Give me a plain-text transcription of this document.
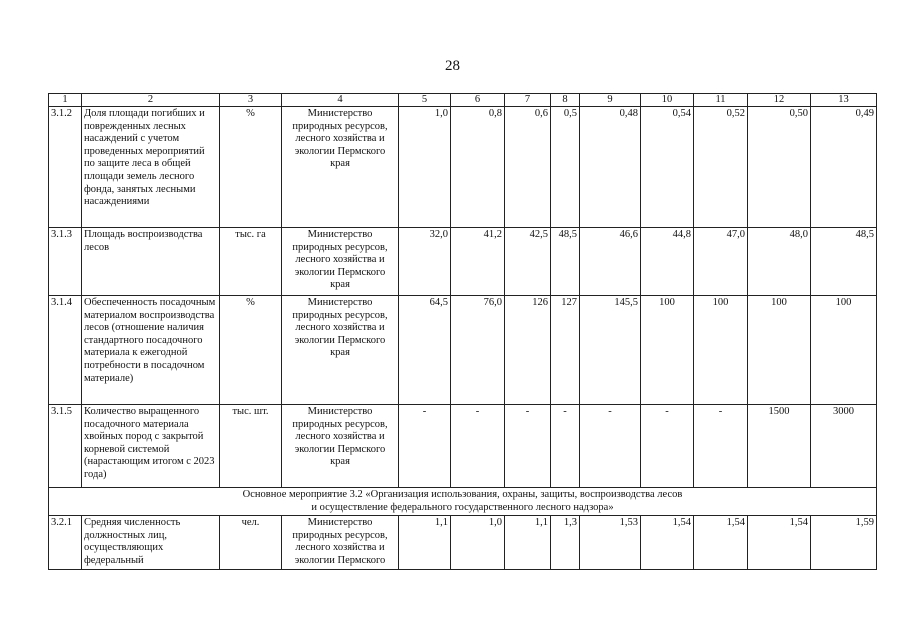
28
1	2	3	4	5	6	7	8	9	10	11	12	13
3.1.2	Доля площади погибших и поврежденных лесных насаждений с учетом проведенных мероприятий по защите леса в общей площади земель лесного фонда, занятых лесными насаждениями	%	Министерство природных ресурсов, лесного хозяйства и экологии Пермского края	1,0	0,8	0,6	0,5	0,48	0,54	0,52	0,50	0,49
3.1.3	Площадь воспроизводства лесов	тыс. га	Министерство природных ресурсов, лесного хозяйства и экологии Пермского края	32,0	41,2	42,5	48,5	46,6	44,8	47,0	48,0	48,5
3.1.4	Обеспеченность посадочным материалом воспроизводства лесов (отношение наличия стандартного посадочного материала к ежегодной потребности в посадочном материале)	%	Министерство природных ресурсов, лесного хозяйства и экологии Пермского края	64,5	76,0	126	127	145,5	100	100	100	100
3.1.5	Количество выращенного посадочного материала хвойных пород с закрытой корневой системой (нарастающим итогом с 2023 года)	тыс. шт.	Министерство природных ресурсов, лесного хозяйства и экологии Пермского края	-	-	-	-	-	-	-	1500	3000

Основное мероприятие 3.2 «Организация использования, охраны, защиты, воспроизводства лесов
и осуществление федерального государственного лесного надзора»												

3.2.1	Средняя численность должностных лиц, осуществляющих федеральный	чел.	Министерство природных ресурсов, лесного хозяйства и экологии Пермского	1,1	1,0	1,1	1,3	1,53	1,54	1,54	1,54	1,59
